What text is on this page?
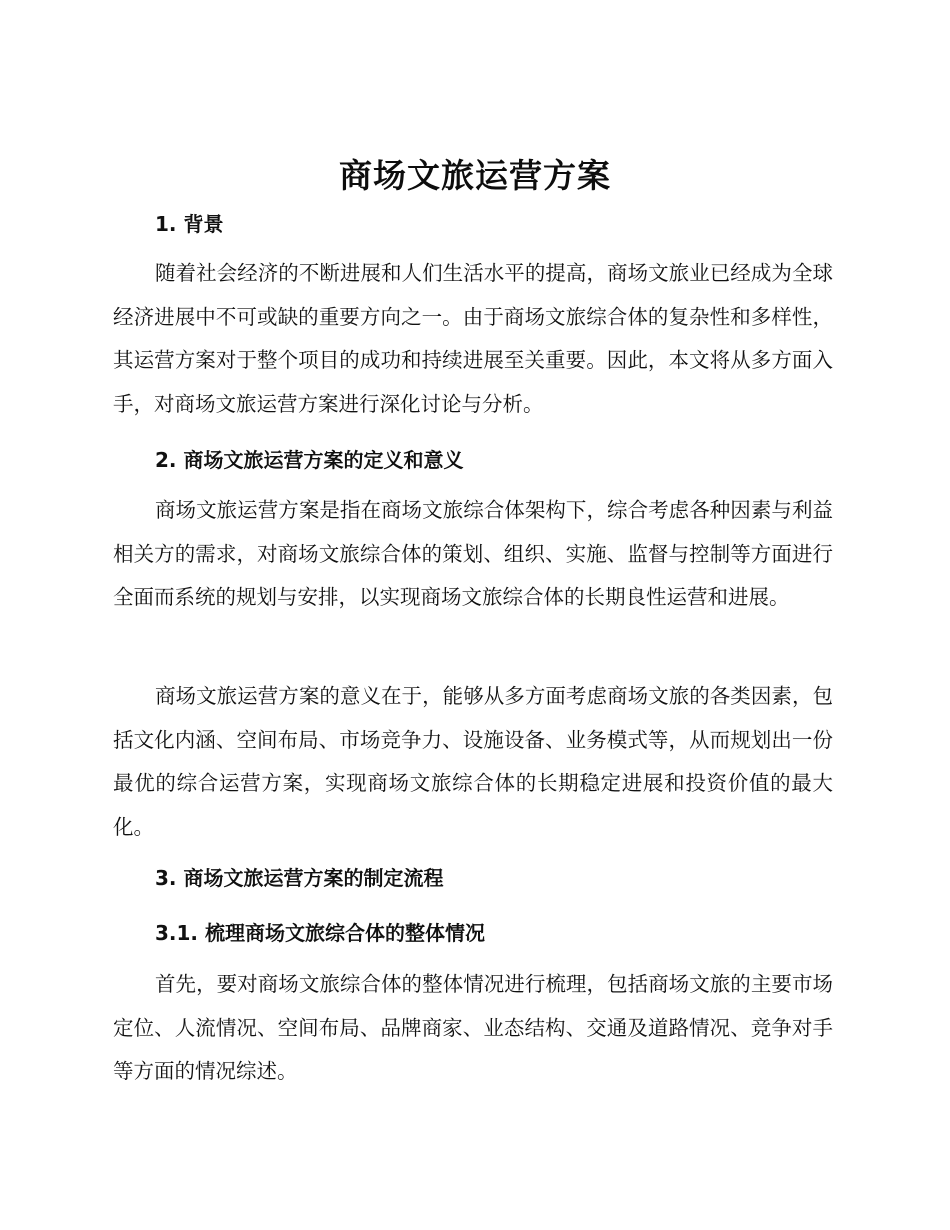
商场文旅运营方案
1. 背景
随着社会经济的不断进展和人们生活水平的提高，商场文旅业已经成为全球经济进展中不可或缺的重要方向之一。由于商场文旅综合体的复杂性和多样性，其运营方案对于整个项目的成功和持续进展至关重要。因此，本文将从多方面入手，对商场文旅运营方案进行深化讨论与分析。
2. 商场文旅运营方案的定义和意义
商场文旅运营方案是指在商场文旅综合体架构下，综合考虑各种因素与利益相关方的需求，对商场文旅综合体的策划、组织、实施、监督与控制等方面进行全面而系统的规划与安排，以实现商场文旅综合体的长期良性运营和进展。
商场文旅运营方案的意义在于，能够从多方面考虑商场文旅的各类因素，包括文化内涵、空间布局、市场竞争力、设施设备、业务模式等，从而规划出一份最优的综合运营方案，实现商场文旅综合体的长期稳定进展和投资价值的最大化。
3. 商场文旅运营方案的制定流程
3.1. 梳理商场文旅综合体的整体情况
首先，要对商场文旅综合体的整体情况进行梳理，包括商场文旅的主要市场定位、人流情况、空间布局、品牌商家、业态结构、交通及道路情况、竞争对手等方面的情况综述。
